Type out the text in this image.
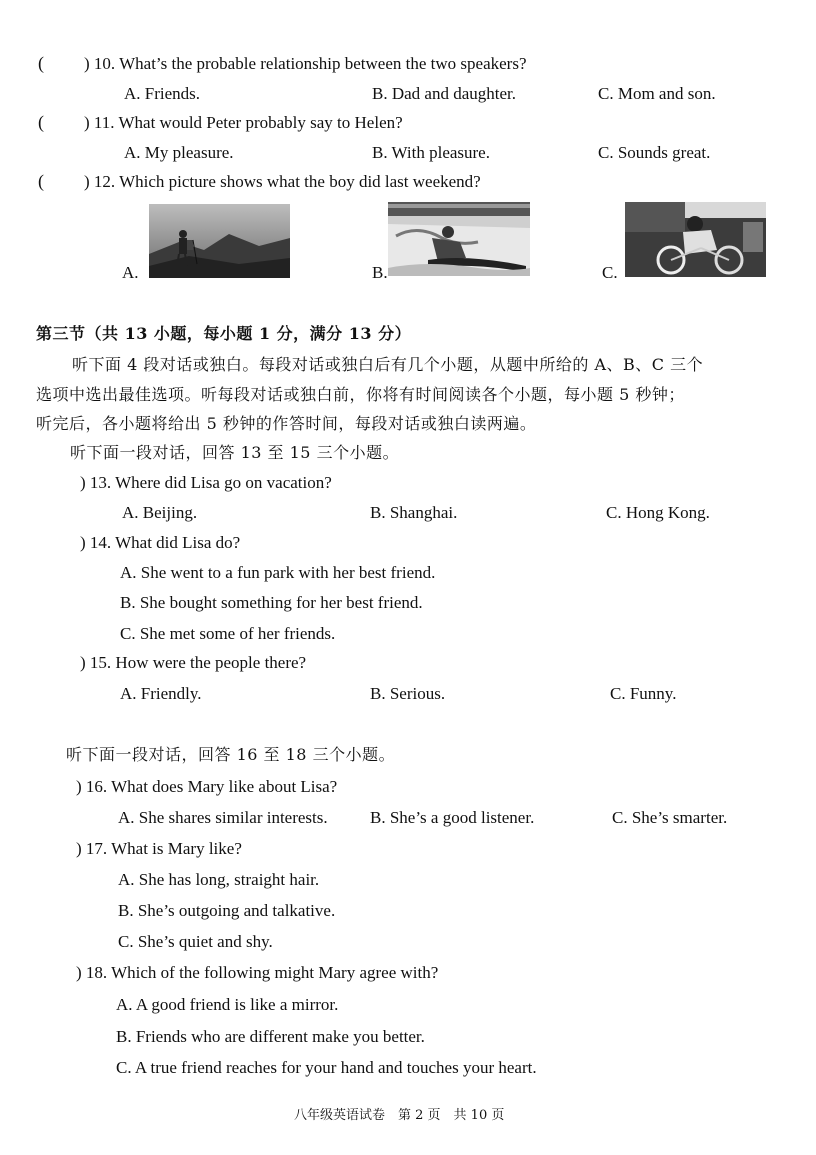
( ) 10. What’s the probable relationship between the two speakers?
A. Friends.	B. Dad and daughter.	C. Mom and son.
( ) 11. What would Peter probably say to Helen?
A. My pleasure.	B. With pleasure.	C. Sounds great.
( ) 12. Which picture shows what the boy did last weekend?
A.	B.	C.
第三节（共 13 小题，每小题 1 分，满分 13 分）
听下面 4 段对话或独白。每段对话或独白后有几个小题，从题中所给的 A、B、C 三个
选项中选出最佳选项。听每段对话或独白前，你将有时间阅读各个小题，每小题 5 秒钟；
听完后，各小题将给出 5 秒钟的作答时间，每段对话或独白读两遍。
听下面一段对话，回答 13 至 15 三个小题。
) 13. Where did Lisa go on vacation?
A. Beijing.	B. Shanghai.	C. Hong Kong.
) 14. What did Lisa do?
A. She went to a fun park with her best friend.
B. She bought something for her best friend.
C. She met some of her friends.
) 15. How were the people there?
A. Friendly.	B. Serious.	C. Funny.
听下面一段对话，回答 16 至 18 三个小题。
) 16. What does Mary like about Lisa?
A. She shares similar interests. B. She’s a good listener.	C. She’s smarter.
) 17. What is Mary like?
A. She has long, straight hair.
B. She’s outgoing and talkative.
C. She’s quiet and shy.
) 18. Which of the following might Mary agree with?
A. A good friend is like a mirror.
B. Friends who are different make you better.
C. A true friend reaches for your hand and touches your heart.
八年级英语试卷　第 2 页　共 10 页
